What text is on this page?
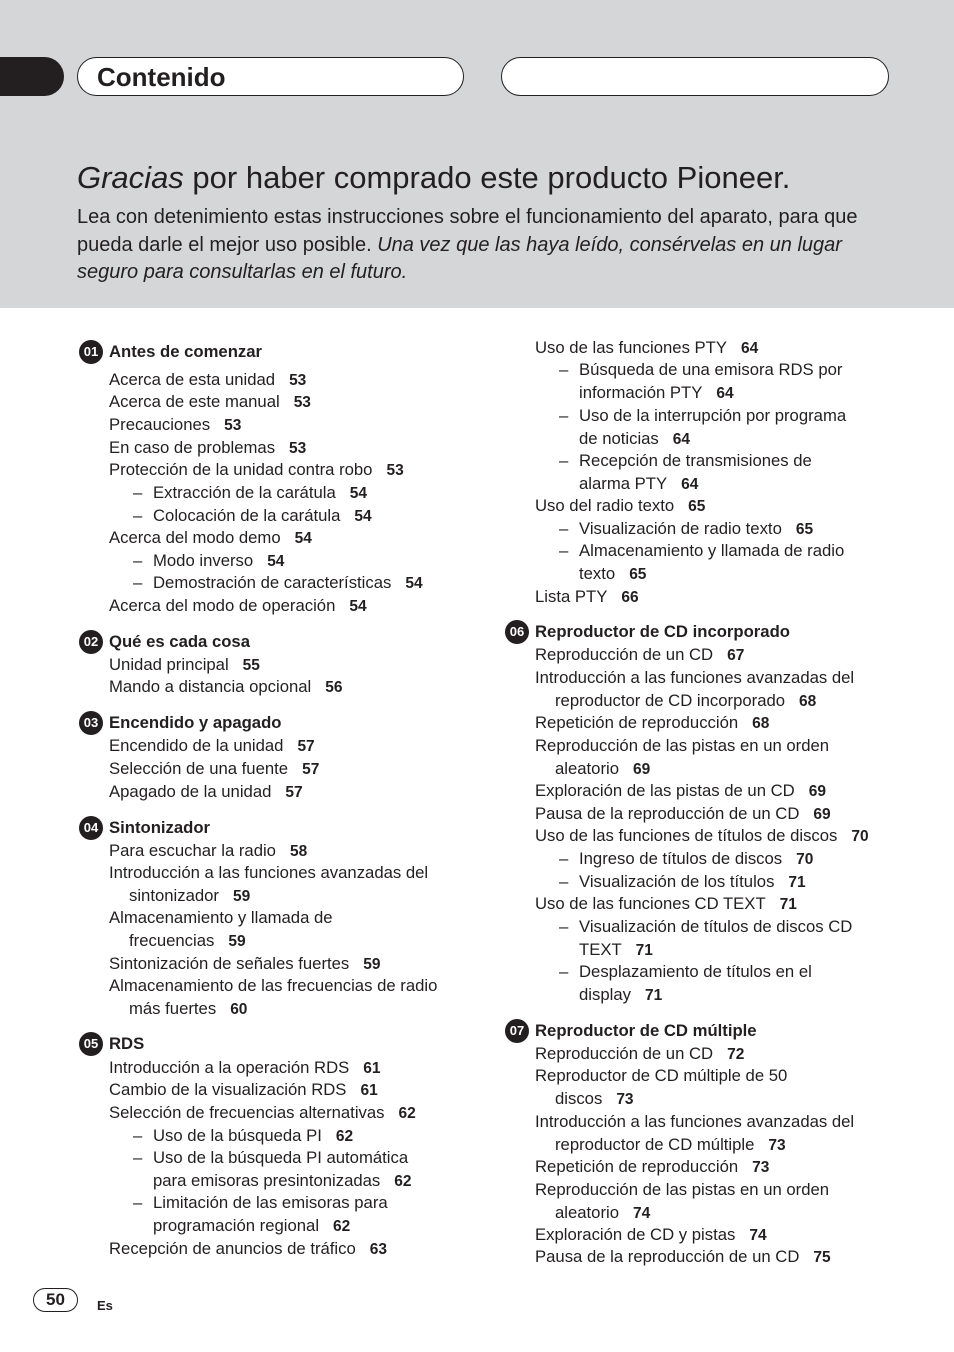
Contenido
Gracias por haber comprado este producto Pioneer.

Lea con detenimiento estas instrucciones sobre el funcionamiento del aparato, para que pueda darle el mejor uso posible. Una vez que las haya leído, consérvelas en un lugar seguro para consultarlas en el futuro.

01 Antes de comenzar
Acerca de esta unidad 53
Acerca de este manual 53
Precauciones 53
En caso de problemas 53
Protección de la unidad contra robo 53
– Extracción de la carátula 54
– Colocación de la carátula 54
Acerca del modo demo 54
– Modo inverso 54
– Demostración de características 54
Acerca del modo de operación 54
02 Qué es cada cosa
Unidad principal 55
Mando a distancia opcional 56
03 Encendido y apagado
Encendido de la unidad 57
Selección de una fuente 57
Apagado de la unidad 57
04 Sintonizador
Para escuchar la radio 58
Introducción a las funciones avanzadas del
sintonizador 59
Almacenamiento y llamada de
frecuencias 59
Sintonización de señales fuertes 59
Almacenamiento de las frecuencias de radio
más fuertes 60
05 RDS
Introducción a la operación RDS 61
Cambio de la visualización RDS 61
Selección de frecuencias alternativas 62
– Uso de la búsqueda PI 62
– Uso de la búsqueda PI automática
para emisoras presintonizadas 62
– Limitación de las emisoras para
programación regional 62
Recepción de anuncios de tráfico 63
Uso de las funciones PTY 64
– Búsqueda de una emisora RDS por
información PTY 64
– Uso de la interrupción por programa
de noticias 64
– Recepción de transmisiones de
alarma PTY 64
Uso del radio texto 65
– Visualización de radio texto 65
– Almacenamiento y llamada de radio
texto 65
Lista PTY 66
06 Reproductor de CD incorporado
Reproducción de un CD 67
Introducción a las funciones avanzadas del
reproductor de CD incorporado 68
Repetición de reproducción 68
Reproducción de las pistas en un orden
aleatorio 69
Exploración de las pistas de un CD 69
Pausa de la reproducción de un CD 69
Uso de las funciones de títulos de discos 70
– Ingreso de títulos de discos 70
– Visualización de los títulos 71
Uso de las funciones CD TEXT 71
– Visualización de títulos de discos CD
TEXT 71
– Desplazamiento de títulos en el
display 71
07 Reproductor de CD múltiple
Reproducción de un CD 72
Reproductor de CD múltiple de 50
discos 73
Introducción a las funciones avanzadas del
reproductor de CD múltiple 73
Repetición de reproducción 73
Reproducción de las pistas en un orden
aleatorio 74
Exploración de CD y pistas 74
Pausa de la reproducción de un CD 75
50	Es
